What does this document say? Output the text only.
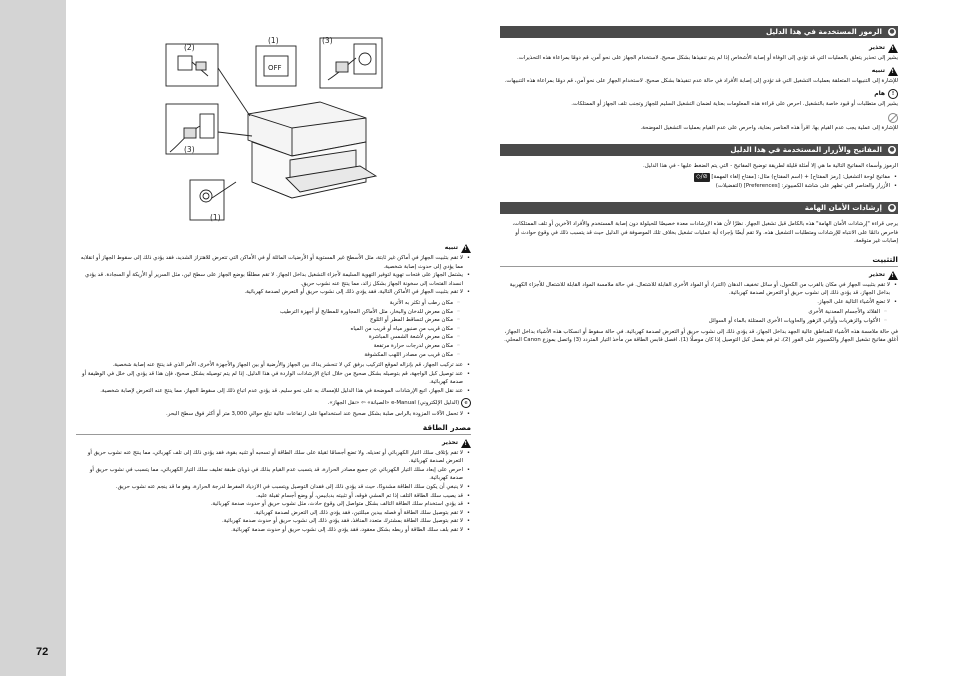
72
OFF
(2)
(1)	(3)
(3)
(1)
!
تنبيه
• لا تقم بتثبيت الجهاز في أماكن غير ثابتة، مثل الأسطح غير المستوية أو الأرضيات المائلة أو في الأماكن التي تتعرض للاهتزاز الشديد، فقد يؤدي ذلك إلى سقوط الجهاز أو انقلابه مما يؤدي إلى حدوث إصابة شخصية.
• يشتمل الجهاز على فتحات تهوية لتوفير التهوية السليمة لأجزاء التشغيل بداخل الجهاز. لا تقم مطلقًا بوضع الجهاز على سطح لين، مثل السرير أو الأريكة أو السجادة. قد يؤدي انسداد الفتحات إلى سخونة الجهاز بشكل زائد، مما ينتج عنه نشوب حريق.
• لا تقم بتثبيت الجهاز في الأماكن التالية، فقد يؤدي ذلك إلى نشوب حريق أو التعرض لصدمة كهربائية.
◦ مكان رطب أو تكثر به الأتربة
◦ مكان معرض للدخان والبخار، مثل الأماكن المجاورة للمطابخ أو أجهزة الترطيب
◦ مكان معرض لتساقط المطر أو الثلوج
◦ مكان قريب من صنبور مياه أو قريب من المياه
◦ مكان معرض لأشعة الشمس المباشرة
◦ مكان معرض لدرجات حرارة مرتفعة
◦ مكان قريب من مصادر اللهب المكشوفة
• عند تركيب الجهاز، قم بإنزاله لموقع التركيب برفق كي لا تنحشر يداك بين الجهاز والأرضية أو بين الجهاز والأجهزة الأخرى، الأمر الذي قد ينتج عنه إصابة شخصية.
• عند توصيل كبل الواجهة، قم بتوصيله بشكل صحيح من خلال اتباع الإرشادات الواردة في هذا الدليل. إذا لم يتم توصيله بشكل صحيح، فإن هذا قد يؤدي إلى خلل في الوظيفة أو صدمة كهربائية.
• عند نقل الجهاز، اتبع الإرشادات الموضحة في هذا الدليل للإمساك به على نحو سليم. قد يؤدي عدم اتباع ذلك إلى سقوط الجهاز، مما ينتج عنه التعرض لإصابة شخصية.

e (الدليل الإلكتروني) e-Manual «الصيانة» ⇦ «نقل الجهاز».

• لا تحمل الآلات المزودة بالراس صلبة بشكل صحيح عند استخدامها على ارتفاعات عالية تبلغ حوالي 3,000 متر أو أكثر فوق سطح البحر.
مصدر الطاقة
!
تحذير
• لا تقم بإتلاف سلك التيار الكهربائي أو تعديله. ولا تضع أجسامًا ثقيلة على سلك الطاقة أو تسحبه أو تثنيه بقوة، فقد يؤدي ذلك إلى تلف كهربائي، مما ينتج عنه نشوب حريق أو التعرض لصدمة كهربائية.
• احرص على إبعاد سلك التيار الكهربائي عن جميع مصادر الحرارة، قد يتسبب عدم القيام بذلك في ذوبان طبقة تغليف سلك التيار الكهربائي، مما يتسبب في نشوب حريق أو صدمة كهربائية.
• لا ينبغي أن يكون سلك الطاقة مشدودًا، حيث قد يؤدي ذلك إلى فقدان التوصيل ويتسبب في الازدياد المفرط لدرجة الحرارة، وهو ما قد ينجم عنه نشوب حريق.
• قد يصيب سلك الطاقة التلف إذا تم المشي فوقه، أو تثبيته بدبابيس، أو وضع أجسام ثقيلة عليه.
• قد يؤدي استخدام سلك الطاقة التالف بشكل متواصل إلى وقوع حادث، مثل نشوب حريق أو حدوث صدمة كهربائية.
• لا تقم بتوصيل سلك الطاقة أو فصله بيدين مبللتين، فقد يؤدي ذلك إلى التعرض لصدمة كهربائية.
• لا تقم بتوصيل سلك الطاقة بمشترك متعدد المنافذ، فقد يؤدي ذلك إلى نشوب حريق أو حدوث صدمة كهربائية.
• لا تقم بلف سلك الطاقة أو ربطه بشكل معقود، فقد يؤدي ذلك إلى نشوب حريق أو حدوث صدمة كهربائية.
●
الرموز المستخدمة في هذا الدليل
!
تحذير

يشير إلى تحذير يتعلق بالعمليات التي قد تؤدي إلى الوفاة أو إصابة الأشخاص إذا لم يتم تنفيذها بشكل صحيح. لاستخدام الجهاز على نحو آمن، قم دومًا بمراعاة هذه التحذيرات.

!
تنبيه

للإشارة إلى التنبيهات المتعلقة بعمليات التشغيل التي قد تؤدي إلى إصابة الأفراد في حالة عدم تنفيذها بشكل صحيح. لاستخدام الجهاز على نحو آمن، قم دومًا بمراعاة هذه التنبيهات.

!
هام

يشير إلى متطلبات أو قيود خاصة بالتشغيل. احرص على قراءة هذه المعلومات بعناية لضمان التشغيل السليم للجهاز وتجنب تلف الجهاز أو الممتلكات.

للإشارة إلى عملية يجب عدم القيام بها. اقرأ هذه العناصر بعناية، واحرص على عدم القيام بعمليات التشغيل الموضحة.

●
المفاتيح والأزرار المستخدمة في هذا الدليل

الرموز وأسماء المفاتيح التالية ما هي إلا أمثلة قليلة لطريقة توضيح المفاتيح - التي يتم الضغط عليها - في هذا الدليل.

• مفاتيح لوحة التشغيل: [رمز المفتاح] + (اسم المفتاح) مثال: [مفتاح إلغاء المهمة] ⊘/◇
• الأزرار والعناصر التي تظهر على شاشة الكمبيوتر: [Preferences] (التفضيلات)
●
إرشادات الأمان الهامة

يرجى قراءة "إرشادات الأمان الهامة" هذه بالكامل قبل تشغيل الجهاز. نظرًا لأن هذه الإرشادات معدة خصيصًا للحيلولة دون إصابة المستخدم والأفراد الآخرين أو تلف الممتلكات، فاحرص دائمًا على الانتباه للإرشادات ومتطلبات التشغيل هذه. ولا تقم أيضًا بإجراء أية عمليات تشغيل بخلاف تلك الموصوفة في الدليل حيث قد يتسبب ذلك في وقوع حوادث أو إصابات غير متوقعة.

التثبيت
!
تحذير
• لا تقم بتثبيت الجهاز في مكان بالقرب من الكحول، أو سائل تخفيف الدهان (التنر)، أو المواد الأخرى القابلة للاشتعال. في حالة ملامسة المواد القابلة للاشتعال للأجزاء الكهربية بداخل الجهاز، قد يؤدي ذلك إلى نشوب حريق أو التعرض لصدمة كهربائية.
• لا تضع الأشياء التالية على الجهاز.
◦ القلائد والأجسام المعدنية الأخرى
◦ الأكواب والزهريات وأواني الزهور والحاويات الأخرى الممتلئة بالماء أو السوائل

في حالة ملامسة هذه الأشياء للمناطق عالية الجهد بداخل الجهاز، قد يؤدي ذلك إلى نشوب حريق أو التعرض لصدمة كهربائية. في حالة سقوط أو انسكاب هذه الأشياء بداخل الجهاز، أغلق مفاتيح تشغيل الجهاز والكمبيوتر على الفور (2)، ثم قم بفصل كبل التوصيل إذا كان موصلًا (1). افصل قابس الطاقة من مأخذ التيار المتردد (3) واتصل بموزع Canon المحلي.
